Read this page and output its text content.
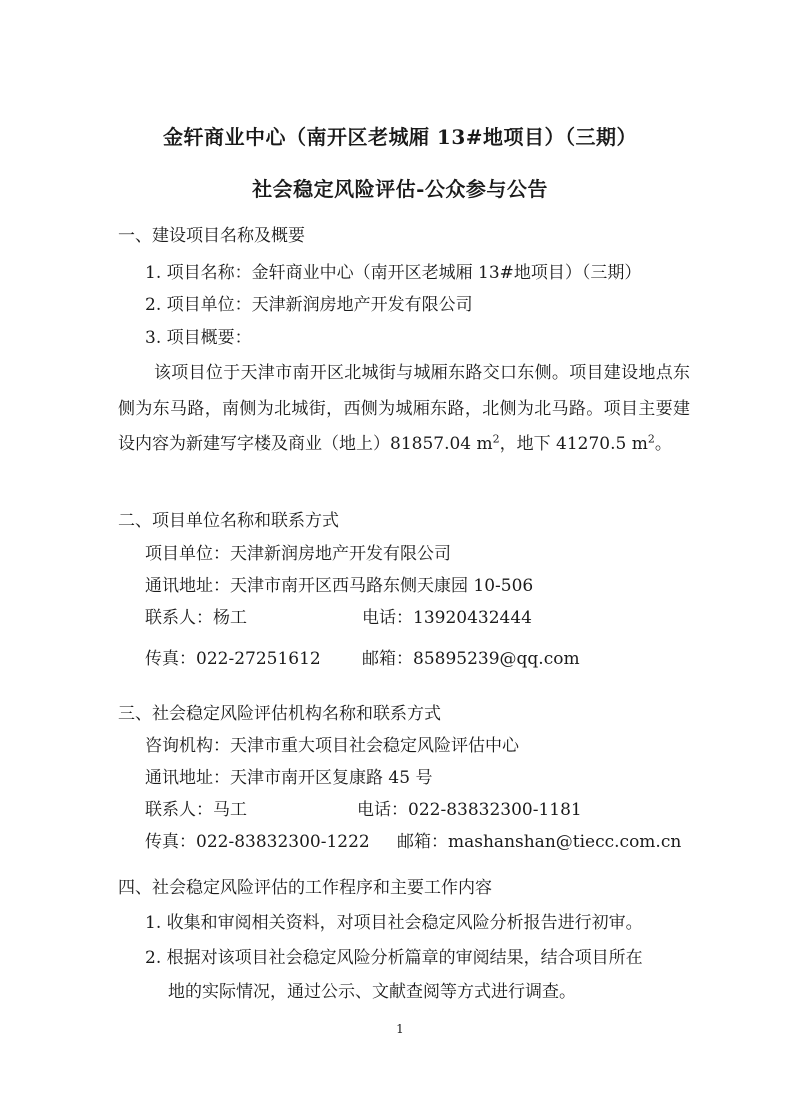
金轩商业中心（南开区老城厢 13#地项目）（三期）
社会稳定风险评估-公众参与公告
一、建设项目名称及概要
1. 项目名称：金轩商业中心（南开区老城厢 13#地项目）（三期）
2. 项目单位：天津新润房地产开发有限公司
3. 项目概要：
该项目位于天津市南开区北城街与城厢东路交口东侧。项目建设地点东侧为东马路，南侧为北城街，西侧为城厢东路，北侧为北马路。项目主要建设内容为新建写字楼及商业（地上）81857.04 $m^2$，地下 41270.5 $m^2$。
二、项目单位名称和联系方式
项目单位：天津新润房地产开发有限公司
通讯地址：天津市南开区西马路东侧天康园 10-506
联系人：杨工	电话：13920432444
传真：022-27251612 邮箱：85895239@qq.com
三、社会稳定风险评估机构名称和联系方式
咨询机构：天津市重大项目社会稳定风险评估中心
通讯地址：天津市南开区复康路 45 号
联系人：马工	电话：022-83832300-1181
传真：022-83832300-1222 邮箱：mashanshan@tiecc.com.cn
四、社会稳定风险评估的工作程序和主要工作内容
1. 收集和审阅相关资料，对项目社会稳定风险分析报告进行初审。
2. 根据对该项目社会稳定风险分析篇章的审阅结果，结合项目所在
地的实际情况，通过公示、文献查阅等方式进行调查。
1
